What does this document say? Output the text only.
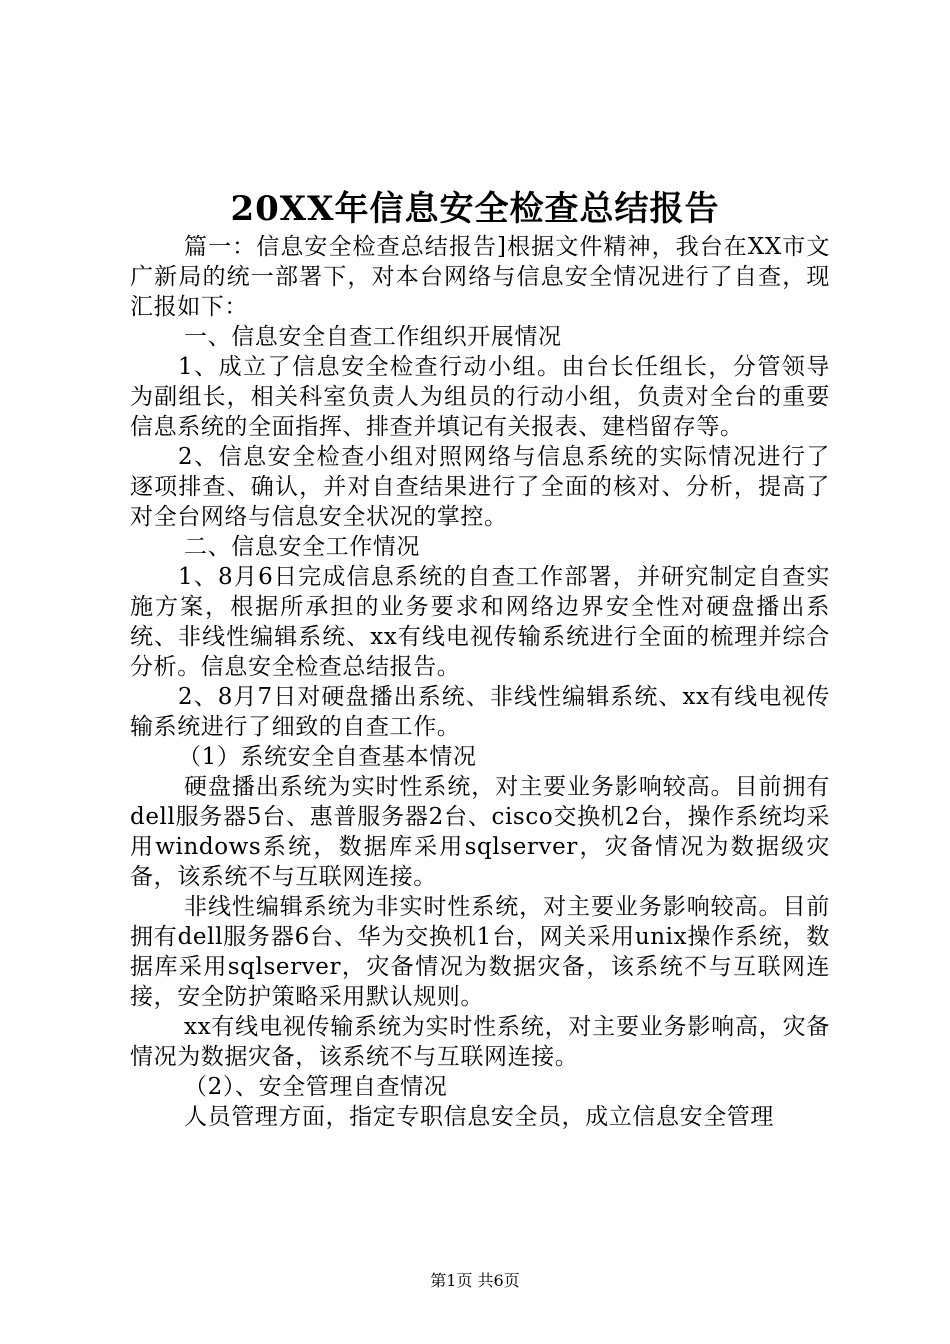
20XX年信息安全检查总结报告

篇一：信息安全检查总结报告]根据文件精神，我台在XX市文广新局的统一部署下，对本台网络与信息安全情况进行了自查，现汇报如下：

一、信息安全自查工作组织开展情况

1、成立了信息安全检查行动小组。由台长任组长，分管领导为副组长，相关科室负责人为组员的行动小组，负责对全台的重要信息系统的全面指挥、排查并填记有关报表、建档留存等。

2、信息安全检查小组对照网络与信息系统的实际情况进行了逐项排查、确认，并对自查结果进行了全面的核对、分析，提高了对全台网络与信息安全状况的掌控。

二、信息安全工作情况

1、8月6日完成信息系统的自查工作部署，并研究制定自查实施方案，根据所承担的业务要求和网络边界安全性对硬盘播出系统、非线性编辑系统、xx有线电视传输系统进行全面的梳理并综合分析。信息安全检查总结报告。

2、8月7日对硬盘播出系统、非线性编辑系统、xx有线电视传输系统进行了细致的自查工作。

（1）系统安全自查基本情况

硬盘播出系统为实时性系统，对主要业务影响较高。目前拥有dell服务器5台、惠普服务器2台、cisco交换机2台，操作系统均采用windows系统，数据库采用sqlserver，灾备情况为数据级灾备，该系统不与互联网连接。

非线性编辑系统为非实时性系统，对主要业务影响较高。目前拥有dell服务器6台、华为交换机1台，网关采用unix操作系统，数据库采用sqlserver，灾备情况为数据灾备，该系统不与互联网连接，安全防护策略采用默认规则。

xx有线电视传输系统为实时性系统，对主要业务影响高，灾备情况为数据灾备，该系统不与互联网连接。

（2）、安全管理自查情况

人员管理方面，指定专职信息安全员，成立信息安全管理

第1页 共6页
